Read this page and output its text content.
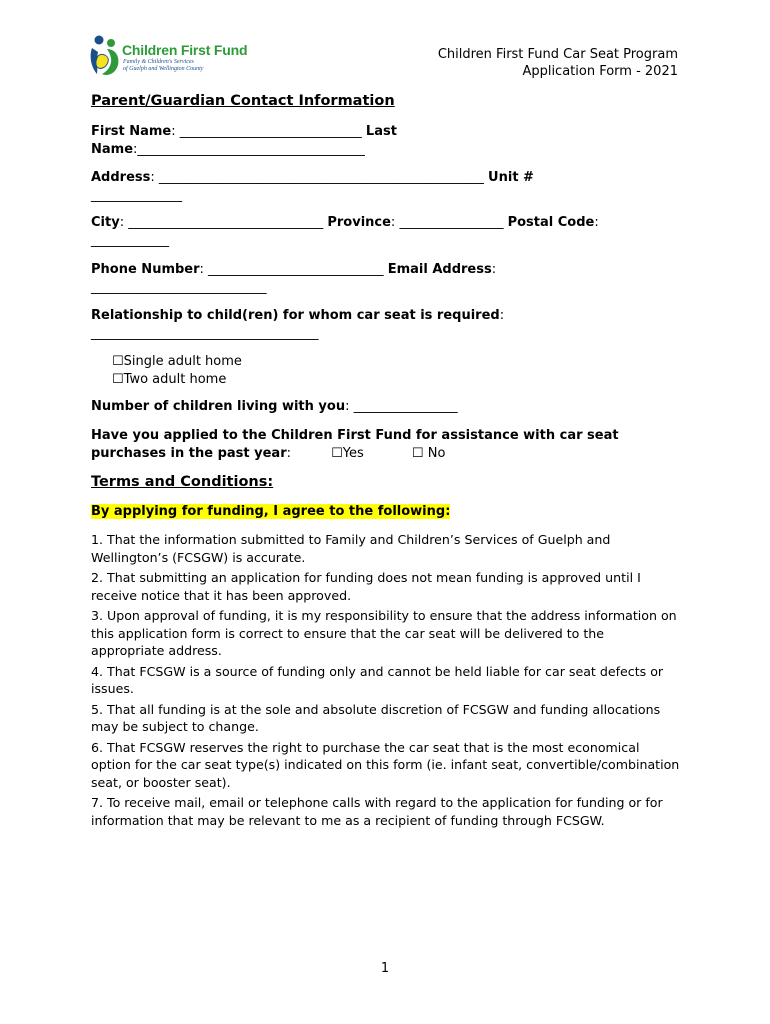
Children First Fund
Family & Children's Services
of Guelph and Wellington County
Children First Fund Car Seat Program
Application Form - 2021
Parent/Guardian Contact Information

First Name: ____________________________ Last

Name:___________________________________

Address: __________________________________________________ Unit #

______________

City: ______________________________ Province: ________________ Postal Code:

____________

Phone Number: ___________________________ Email Address:

___________________________

Relationship to child(ren) for whom car seat is required:

___________________________________

☐Single adult home

☐Two adult home

Number of children living with you: ________________

Have you applied to the Children First Fund for assistance with car seat

purchases in the past year:	☐Yes	☐ No

Terms and Conditions:

By applying for funding, I agree to the following:

1. That the information submitted to Family and Children’s Services of Guelph and Wellington’s (FCSGW) is accurate.

2. That submitting an application for funding does not mean funding is approved until I receive notice that it has been approved.

3. Upon approval of funding, it is my responsibility to ensure that the address information on this application form is correct to ensure that the car seat will be delivered to the appropriate address.

4. That FCSGW is a source of funding only and cannot be held liable for car seat defects or issues.

5. That all funding is at the sole and absolute discretion of FCSGW and funding allocations may be subject to change.

6. That FCSGW reserves the right to purchase the car seat that is the most economical option for the car seat type(s) indicated on this form (ie. infant seat, convertible/combination seat, or booster seat).

7. To receive mail, email or telephone calls with regard to the application for funding or for information that may be relevant to me as a recipient of funding through FCSGW.

1
